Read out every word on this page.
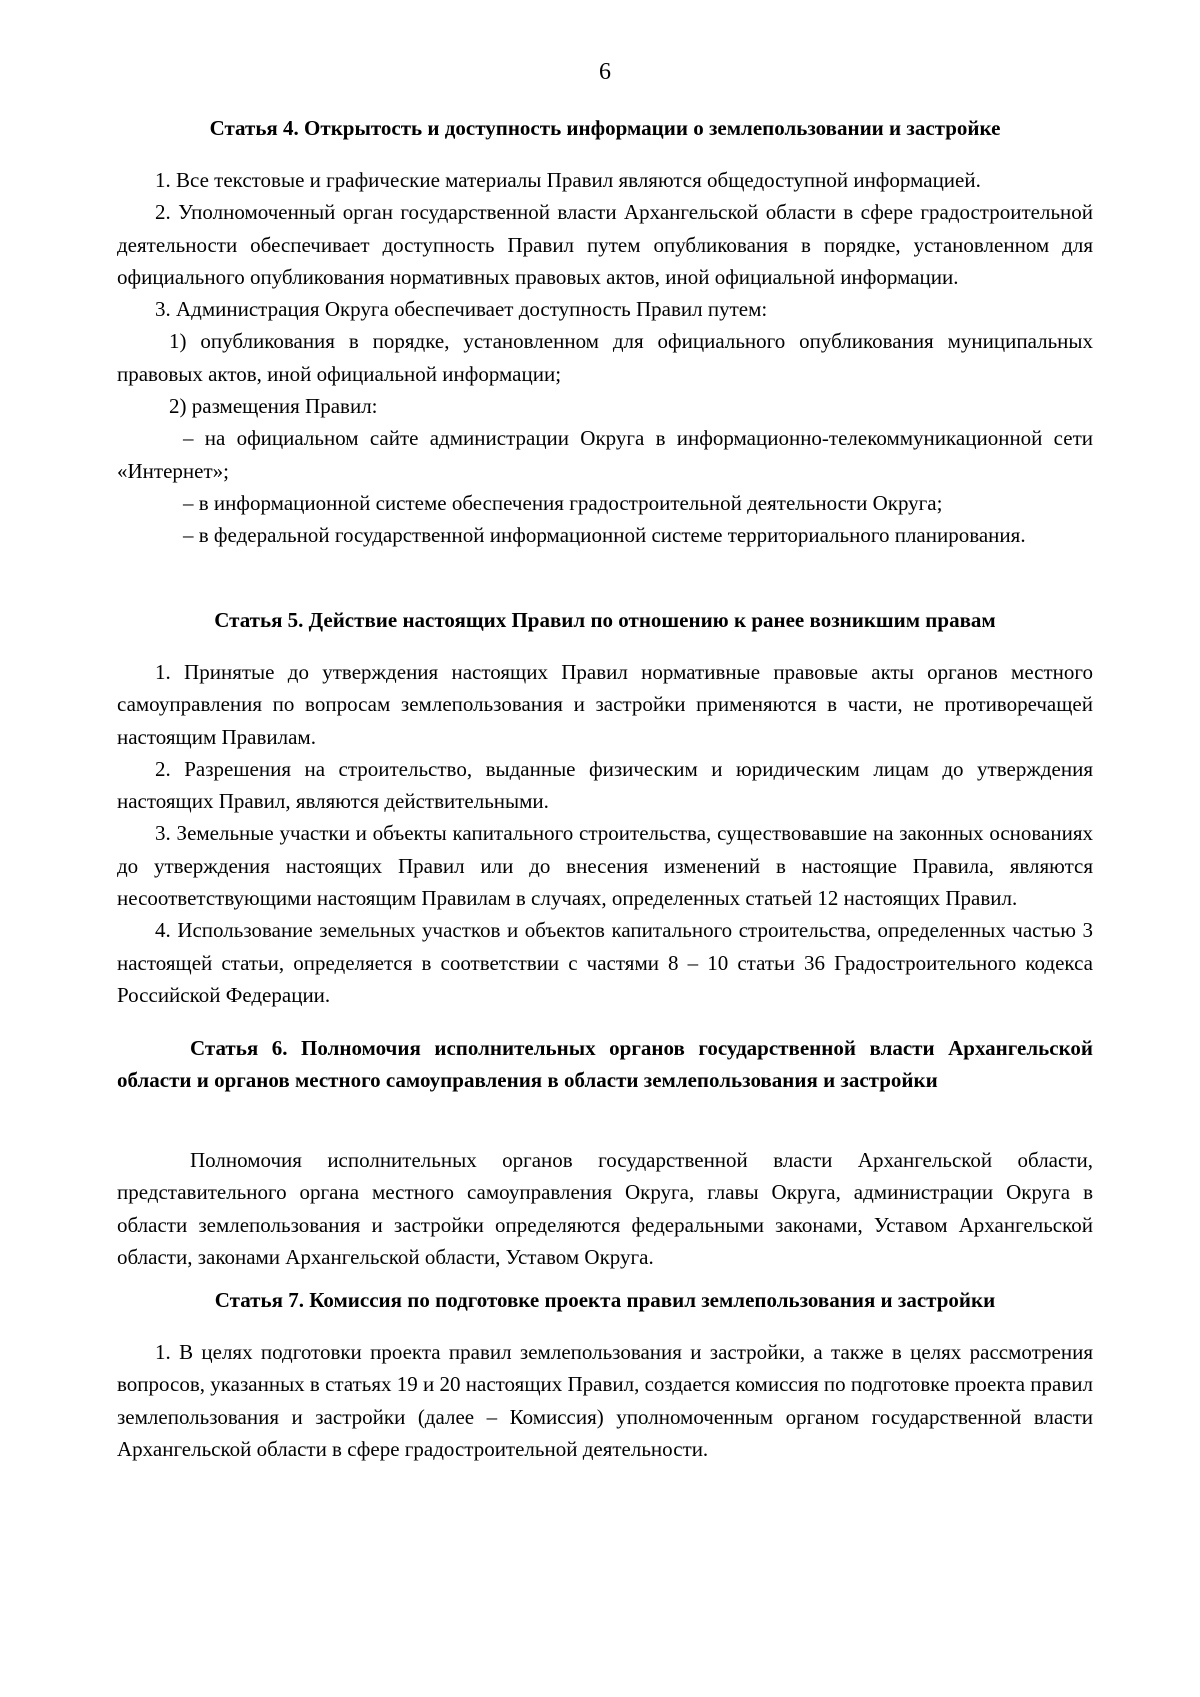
6

Статья 4. Открытость и доступность информации о землепользовании и застройке

1. Все текстовые и графические материалы Правил являются общедоступной информацией.

2. Уполномоченный орган государственной власти Архангельской области в сфере градостроительной деятельности обеспечивает доступность Правил путем опубликования в порядке, установленном для официального опубликования нормативных правовых актов, иной официальной информации.

3. Администрация Округа обеспечивает доступность Правил путем:

1) опубликования в порядке, установленном для официального опубликования муниципальных правовых актов, иной официальной информации;

2) размещения Правил:

– на официальном сайте администрации Округа в информационно-телекоммуникационной сети «Интернет»;

– в информационной системе обеспечения градостроительной деятельности Округа;

– в федеральной государственной информационной системе территориального планирования.

Статья 5. Действие настоящих Правил по отношению к ранее возникшим правам

1. Принятые до утверждения настоящих Правил нормативные правовые акты органов местного самоуправления по вопросам землепользования и застройки применяются в части, не противоречащей настоящим Правилам.

2. Разрешения на строительство, выданные физическим и юридическим лицам до утверждения настоящих Правил, являются действительными.

3. Земельные участки и объекты капитального строительства, существовавшие на законных основаниях до утверждения настоящих Правил или до внесения изменений в настоящие Правила, являются несоответствующими настоящим Правилам в случаях, определенных статьей 12 настоящих Правил.

4. Использование земельных участков и объектов капитального строительства, определенных частью 3 настоящей статьи, определяется в соответствии с частями 8 – 10 статьи 36 Градостроительного кодекса Российской Федерации.

Статья 6. Полномочия исполнительных органов государственной власти Архангельской области и органов местного самоуправления в области землепользования и застройки

Полномочия исполнительных органов государственной власти Архангельской области, представительного органа местного самоуправления Округа, главы Округа, администрации Округа в области землепользования и застройки определяются федеральными законами, Уставом Архангельской области, законами Архангельской области, Уставом Округа.

Статья 7. Комиссия по подготовке проекта правил землепользования и застройки

1. В целях подготовки проекта правил землепользования и застройки, а также в целях рассмотрения вопросов, указанных в статьях 19 и 20 настоящих Правил, создается комиссия по подготовке проекта правил землепользования и застройки (далее – Комиссия) уполномоченным органом государственной власти Архангельской области в сфере градостроительной деятельности.
